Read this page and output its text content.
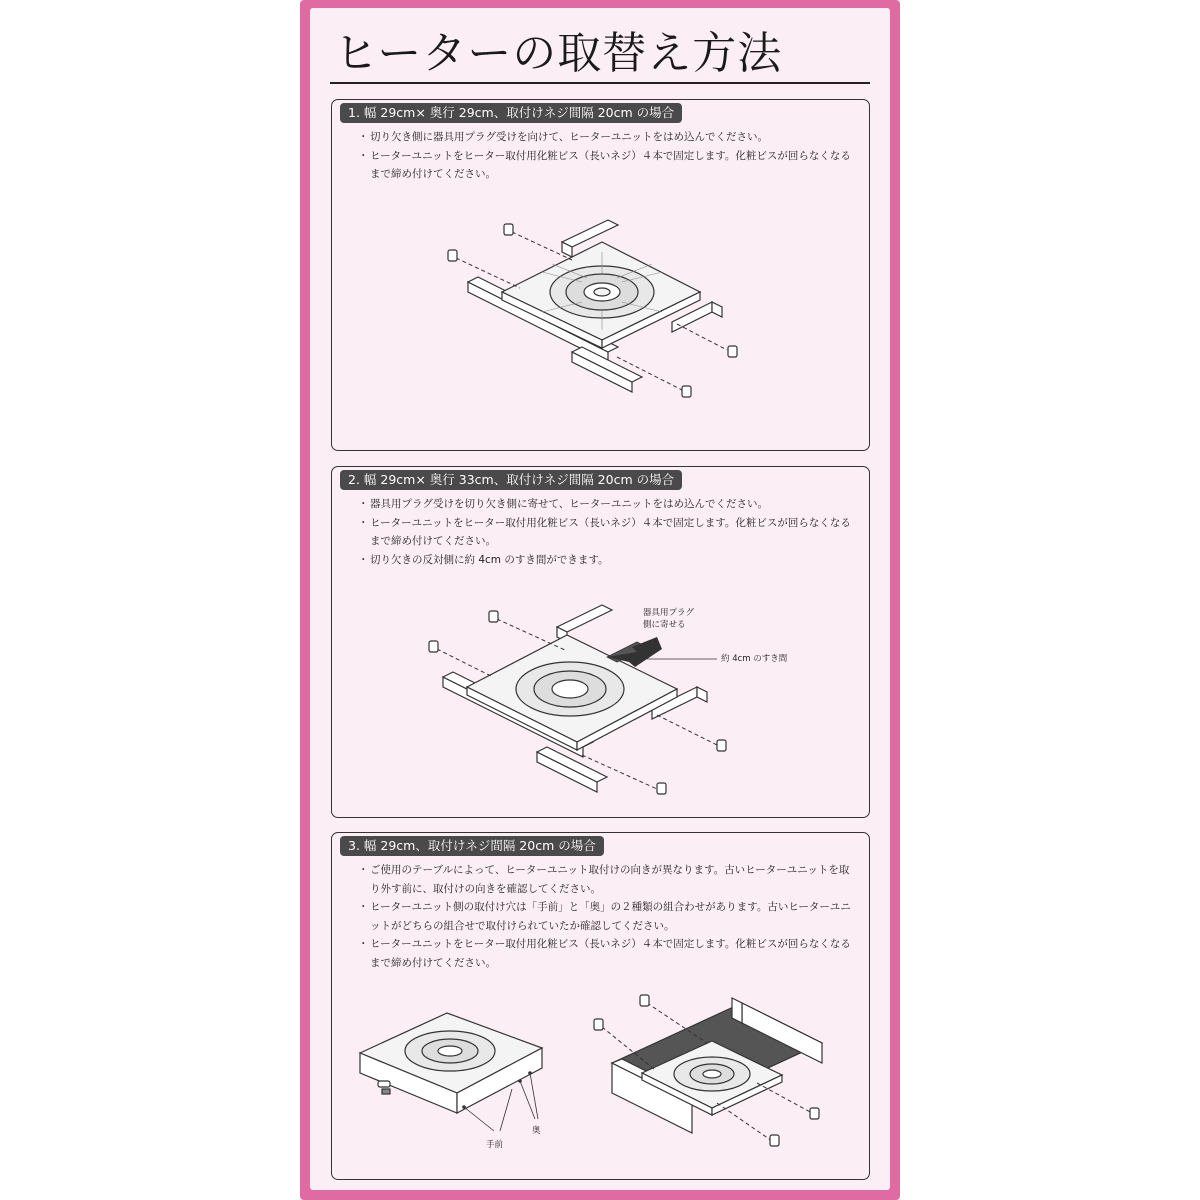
ヒーターの取替え方法
1. 幅 29cm× 奥行 29cm、取付けネジ間隔 20cm の場合
・ 切り欠き側に器具用プラグ受けを向けて、ヒーターユニットをはめ込んでください。
・ ヒーターユニットをヒーター取付用化粧ビス（長いネジ）４本で固定します。化粧ビスが回らなくなるまで締め付けてください。
2. 幅 29cm× 奥行 33cm、取付けネジ間隔 20cm の場合
・ 器具用プラグ受けを切り欠き側に寄せて、ヒーターユニットをはめ込んでください。
・ ヒーターユニットをヒーター取付用化粧ビス（長いネジ）４本で固定します。化粧ビスが回らなくなるまで締め付けてください。
・ 切り欠きの反対側に約 4cm のすき間ができます。
器具用プラグ
側に寄せる
約 4cm のすき間
3. 幅 29cm、取付けネジ間隔 20cm の場合
・ ご使用のテーブルによって、ヒーターユニット取付けの向きが異なります。古いヒーターユニットを取り外す前に、取付けの向きを確認してください。
・ ヒーターユニット側の取付け穴は「手前」と「奥」の２種類の組合わせがあります。古いヒーターユニットがどちらの組合せで取付けられていたか確認してください。
・ ヒーターユニットをヒーター取付用化粧ビス（長いネジ）４本で固定します。化粧ビスが回らなくなるまで締め付けてください。
奥
手前
